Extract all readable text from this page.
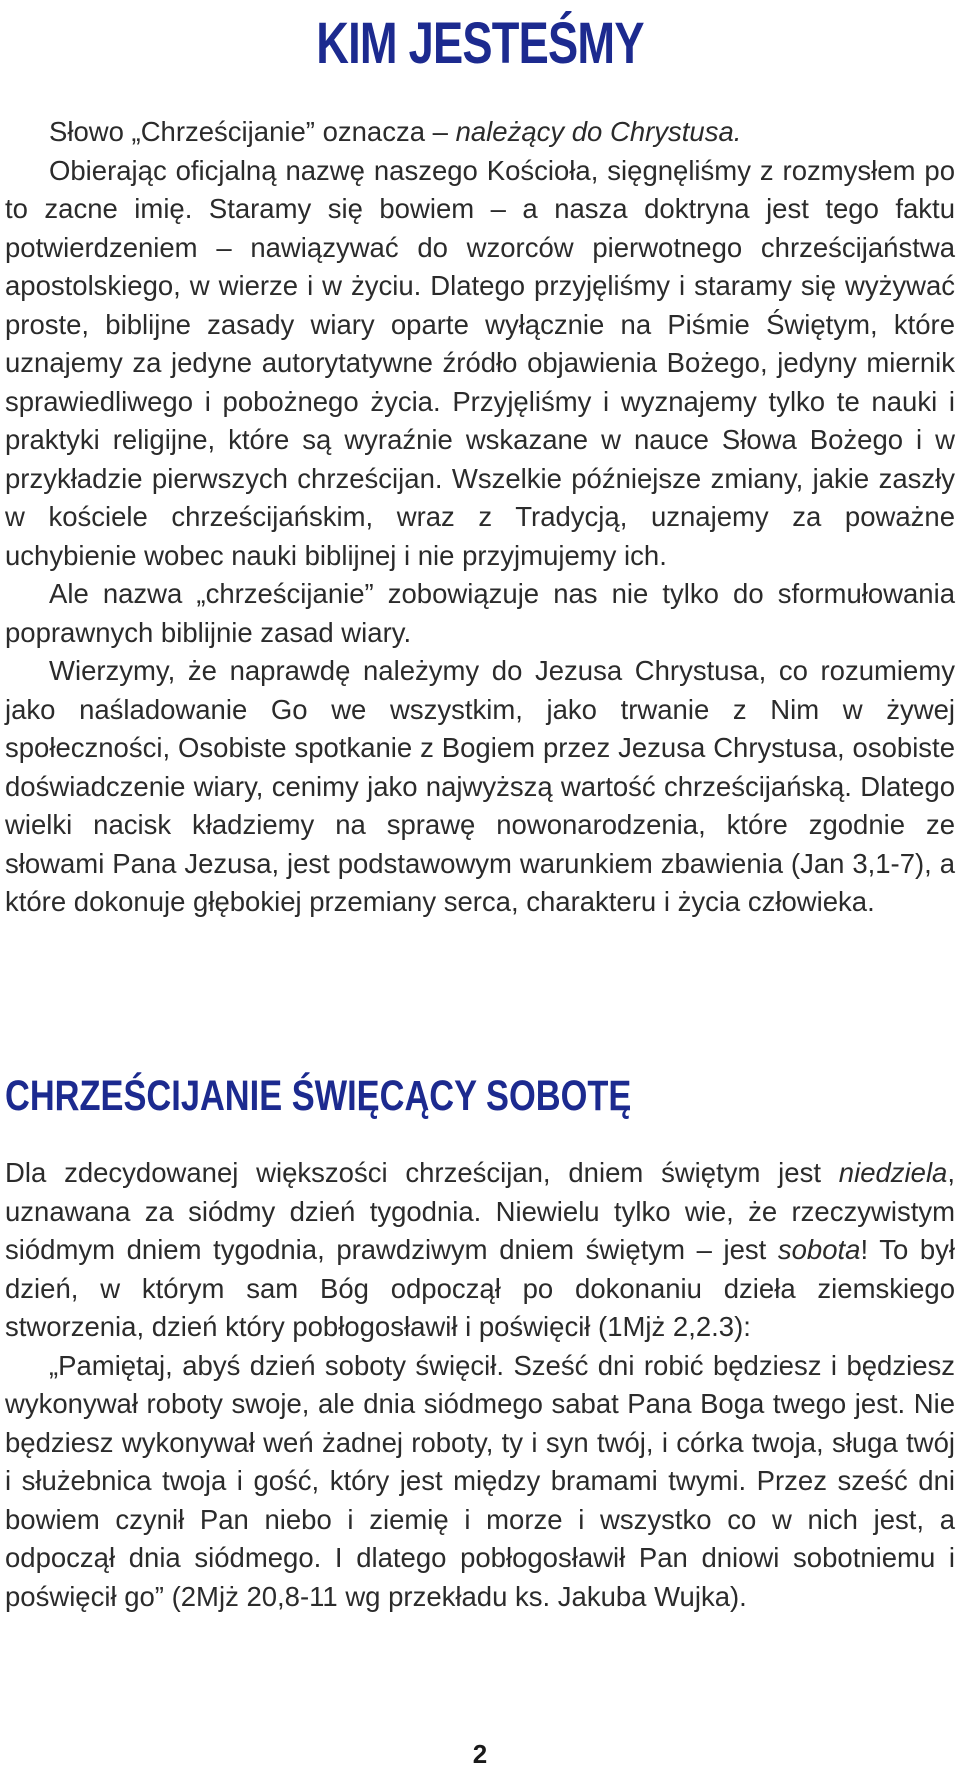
KIM JESTEŚMY

Słowo „Chrześcijanie” oznacza – należący do Chrystusa.

Obierając oficjalną nazwę naszego Kościoła, sięgnęliśmy z rozmysłem po to zacne imię. Staramy się bowiem – a nasza doktryna jest tego faktu potwierdzeniem – nawiązywać do wzorców pierwotnego chrześcijaństwa apostolskiego, w wierze i w życiu. Dlatego przyjęliśmy i staramy się wyżywać proste, biblijne zasady wiary oparte wyłącznie na Piśmie Świętym, które uznajemy za jedyne autorytatywne źródło objawienia Bożego, jedyny miernik sprawiedliwego i pobożnego życia. Przyjęliśmy i wyznajemy tylko te nauki i praktyki religijne, które są wyraźnie wskazane w nauce Słowa Bożego i w przykładzie pierwszych chrześcijan. Wszelkie późniejsze zmiany, jakie zaszły w kościele chrześcijańskim, wraz z Tradycją, uznajemy za poważne uchybienie wobec nauki biblijnej i nie przyjmujemy ich.

Ale nazwa „chrześcijanie” zobowiązuje nas nie tylko do sformułowania poprawnych biblijnie zasad wiary.

Wierzymy, że naprawdę należymy do Jezusa Chrystusa, co rozumiemy jako naśladowanie Go we wszystkim, jako trwanie z Nim w żywej społeczności, Osobiste spotkanie z Bogiem przez Jezusa Chrystusa, osobiste doświadczenie wiary, cenimy jako najwyższą wartość chrześcijańską. Dlatego wielki nacisk kładziemy na sprawę nowonarodzenia, które zgodnie ze słowami Pana Jezusa, jest podstawowym warunkiem zbawienia (Jan 3,1-7), a które dokonuje głębokiej przemiany serca, charakteru i życia człowieka.

CHRZEŚCIJANIE ŚWIĘCĄCY SOBOTĘ

Dla zdecydowanej większości chrześcijan, dniem świętym jest niedziela, uznawana za siódmy dzień tygodnia. Niewielu tylko wie, że rzeczywistym siódmym dniem tygodnia, prawdziwym dniem świętym – jest sobota! To był dzień, w którym sam Bóg odpoczął po dokonaniu dzieła ziemskiego stworzenia, dzień który pobłogosławił i poświęcił (1Mjż 2,2.3):

„Pamiętaj, abyś dzień soboty święcił. Sześć dni robić będziesz i będziesz wykonywał roboty swoje, ale dnia siódmego sabat Pana Boga twego jest. Nie będziesz wykonywał weń żadnej roboty, ty i syn twój, i córka twoja, sługa twój i służebnica twoja i gość, który jest między bramami twymi. Przez sześć dni bowiem czynił Pan niebo i ziemię i morze i wszystko co w nich jest, a odpoczął dnia siódmego. I dlatego pobłogosławił Pan dniowi sobotniemu i poświęcił go” (2Mjż 20,8-11 wg przekładu ks. Jakuba Wujka).

2
